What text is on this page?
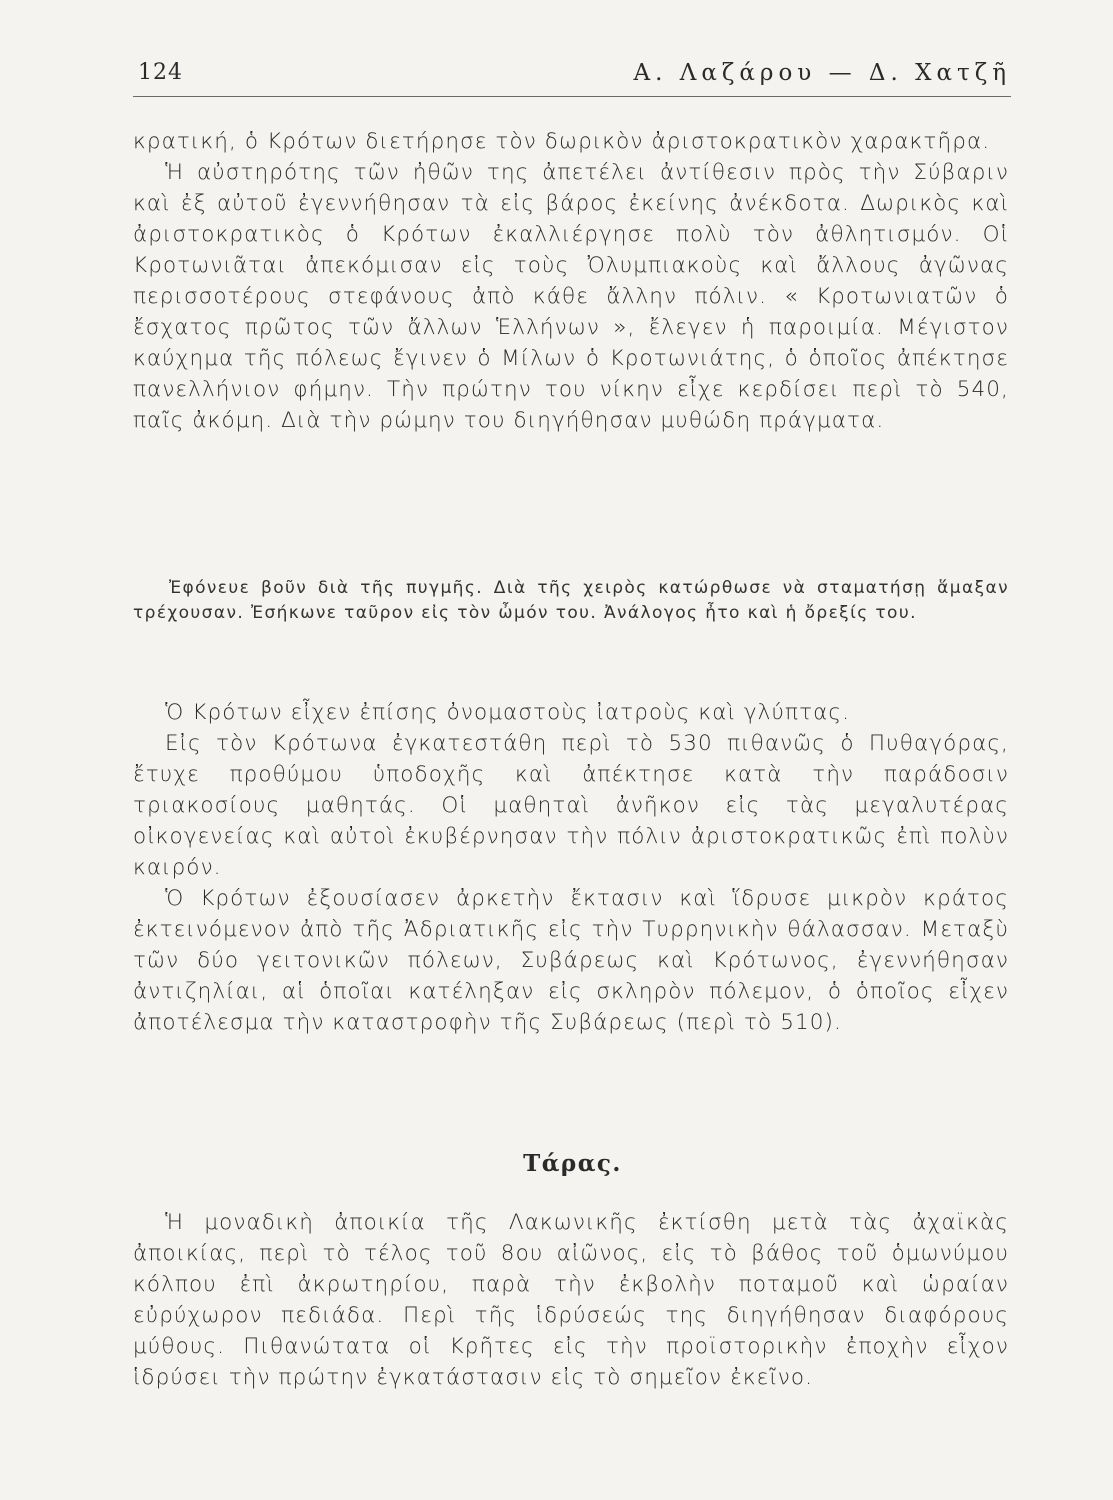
124	Α. Λαζάρου — Δ. Χατζῆ

κρατική, ὁ Κρότων διετήρησε τὸν δωρικὸν ἀριστοκρατικὸν χαρακτῆρα.

Ἡ αὐστηρότης τῶν ἠθῶν της ἀπετέλει ἀντίθεσιν πρὸς τὴν Σύβαριν καὶ ἐξ αὐτοῦ ἐγεννήθησαν τὰ εἰς βάρος ἐκείνης ἀνέκδοτα. Δωρικὸς καὶ ἀριστοκρατικὸς ὁ Κρότων ἐκαλλιέργησε πολὺ τὸν ἀθλητισμόν. Οἱ Κροτωνιᾶται ἀπεκόμισαν εἰς τοὺς Ὀλυμπιακοὺς καὶ ἄλλους ἀγῶνας περισσοτέρους στεφάνους ἀπὸ κάθε ἄλλην πόλιν. « Κροτωνιατῶν ὁ ἔσχατος πρῶτος τῶν ἄλλων Ἑλλήνων », ἔλεγεν ἡ παροιμία. Μέγιστον καύχημα τῆς πόλεως ἔγινεν ὁ Μίλων ὁ Κροτωνιάτης, ὁ ὁποῖος ἀπέκτησε πανελλήνιον φήμην. Τὴν πρώτην του νίκην εἶχε κερδίσει περὶ τὸ 540, παῖς ἀκόμη. Διὰ τὴν ρώμην του διηγήθησαν μυθώδη πράγματα.

Ἐφόνευε βοῦν διὰ τῆς πυγμῆς. Διὰ τῆς χειρὸς κατώρθωσε νὰ σταματήσῃ ἅμαξαν τρέχουσαν. Ἐσήκωνε ταῦρον εἰς τὸν ὦμόν του. Ἀνάλογος ἦτο καὶ ἡ ὄρεξίς του.

Ὁ Κρότων εἶχεν ἐπίσης ὀνομαστοὺς ἰατροὺς καὶ γλύπτας.

Εἰς τὸν Κρότωνα ἐγκατεστάθη περὶ τὸ 530 πιθανῶς ὁ Πυθαγόρας, ἔτυχε προθύμου ὑποδοχῆς καὶ ἀπέκτησε κατὰ τὴν παράδοσιν τριακοσίους μαθητάς. Οἱ μαθηταὶ ἀνῆκον εἰς τὰς μεγαλυτέρας οἰκογενείας καὶ αὐτοὶ ἐκυβέρνησαν τὴν πόλιν ἀριστοκρατικῶς ἐπὶ πολὺν καιρόν.

Ὁ Κρότων ἐξουσίασεν ἀρκετὴν ἔκτασιν καὶ ἵδρυσε μικρὸν κράτος ἐκτεινόμενον ἀπὸ τῆς Ἀδριατικῆς εἰς τὴν Τυρρηνικὴν θάλασσαν. Μεταξὺ τῶν δύο γειτονικῶν πόλεων, Συβάρεως καὶ Κρότωνος, ἐγεννήθησαν ἀντιζηλίαι, αἱ ὁποῖαι κατέληξαν εἰς σκληρὸν πόλεμον, ὁ ὁποῖος εἶχεν ἀποτέλεσμα τὴν καταστροφὴν τῆς Συβάρεως (περὶ τὸ 510).

Τάρας.

Ἡ μοναδικὴ ἀποικία τῆς Λακωνικῆς ἐκτίσθη μετὰ τὰς ἀχαϊκὰς ἀποικίας, περὶ τὸ τέλος τοῦ 8ου αἰῶνος, εἰς τὸ βάθος τοῦ ὁμωνύμου κόλπου ἐπὶ ἀκρωτηρίου, παρὰ τὴν ἐκβολὴν ποταμοῦ καὶ ὡραίαν εὐρύχωρον πεδιάδα. Περὶ τῆς ἱδρύσεώς της διηγήθησαν διαφόρους μύθους. Πιθανώτατα οἱ Κρῆτες εἰς τὴν προϊστορικὴν ἐποχὴν εἶχον ἱδρύσει τὴν πρώτην ἐγκατάστασιν εἰς τὸ σημεῖον ἐκεῖνο.
